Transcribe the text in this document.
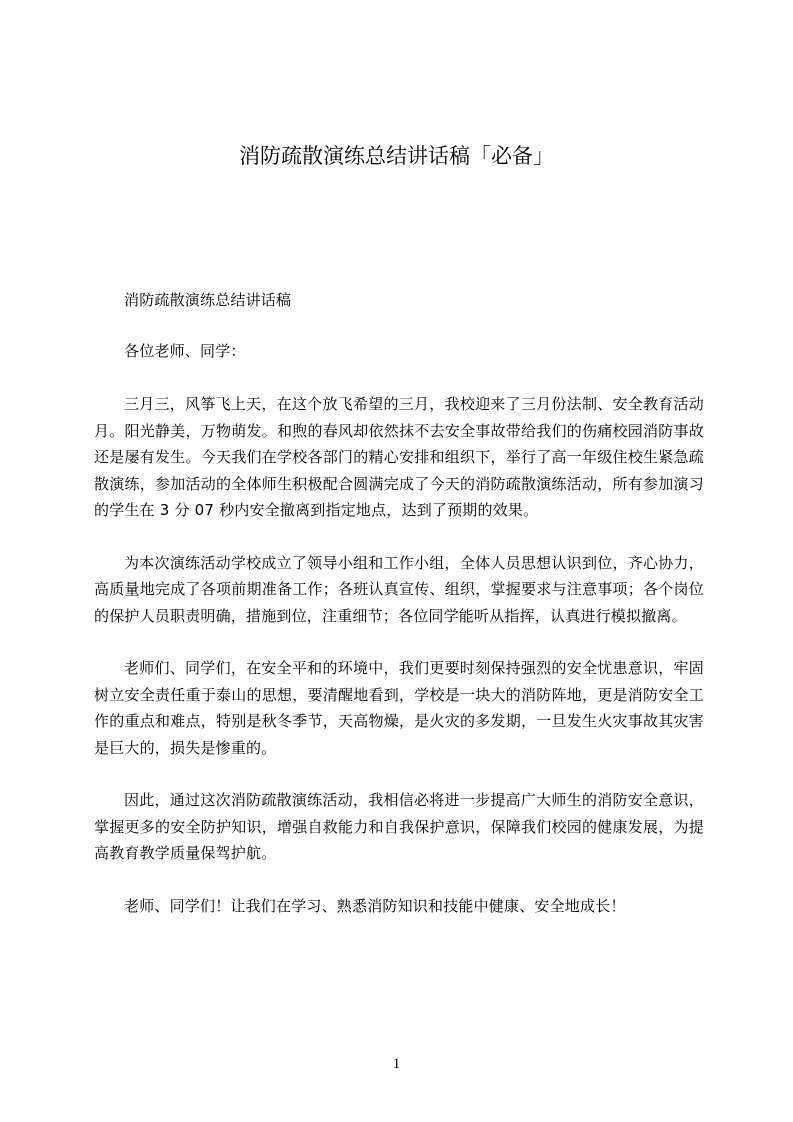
消防疏散演练总结讲话稿「必备」

消防疏散演练总结讲话稿

各位老师、同学：

三月三，风筝飞上天，在这个放飞希望的三月，我校迎来了三月份法制、安全教育活动月。阳光静美，万物萌发。和煦的春风却依然抹不去安全事故带给我们的伤痛校园消防事故还是屡有发生。今天我们在学校各部门的精心安排和组织下，举行了高一年级住校生紧急疏散演练，参加活动的全体师生积极配合圆满完成了今天的消防疏散演练活动，所有参加演习的学生在 3 分 07 秒内安全撤离到指定地点，达到了预期的效果。

为本次演练活动学校成立了领导小组和工作小组，全体人员思想认识到位，齐心协力，高质量地完成了各项前期准备工作；各班认真宣传、组织，掌握要求与注意事项；各个岗位的保护人员职责明确，措施到位，注重细节；各位同学能听从指挥，认真进行模拟撤离。

老师们、同学们，在安全平和的环境中，我们更要时刻保持强烈的安全忧患意识，牢固树立安全责任重于泰山的思想，要清醒地看到，学校是一块大的消防阵地，更是消防安全工作的重点和难点，特别是秋冬季节，天高物燥，是火灾的多发期，一旦发生火灾事故其灾害是巨大的，损失是惨重的。

因此，通过这次消防疏散演练活动，我相信必将进一步提高广大师生的消防安全意识，掌握更多的安全防护知识，增强自救能力和自我保护意识，保障我们校园的健康发展，为提高教育教学质量保驾护航。

老师、同学们！让我们在学习、熟悉消防知识和技能中健康、安全地成长！

1
